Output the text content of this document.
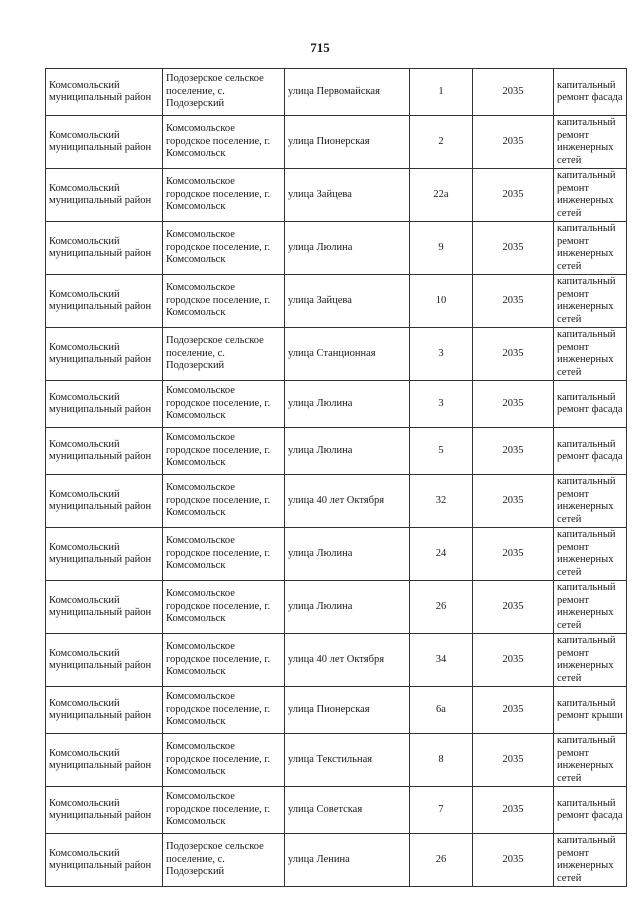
715
Комсомольский муниципальный район	Подозерское сельское поселение, с. Подозерский	улица Первомайская	1	2035	капитальный ремонт фасада
Комсомольский муниципальный район	Комсомольское городское поселение, г. Комсомольск	улица Пионерская	2	2035	капитальный ремонт инженерных сетей
Комсомольский муниципальный район	Комсомольское городское поселение, г. Комсомольск	улица Зайцева	22а	2035	капитальный ремонт инженерных сетей
Комсомольский муниципальный район	Комсомольское городское поселение, г. Комсомольск	улица Люлина	9	2035	капитальный ремонт инженерных сетей
Комсомольский муниципальный район	Комсомольское городское поселение, г. Комсомольск	улица Зайцева	10	2035	капитальный ремонт инженерных сетей
Комсомольский муниципальный район	Подозерское сельское поселение, с. Подозерский	улица Станционная	3	2035	капитальный ремонт инженерных сетей
Комсомольский муниципальный район	Комсомольское городское поселение, г. Комсомольск	улица Люлина	3	2035	капитальный ремонт фасада
Комсомольский муниципальный район	Комсомольское городское поселение, г. Комсомольск	улица Люлина	5	2035	капитальный ремонт фасада
Комсомольский муниципальный район	Комсомольское городское поселение, г. Комсомольск	улица 40 лет Октября	32	2035	капитальный ремонт инженерных сетей
Комсомольский муниципальный район	Комсомольское городское поселение, г. Комсомольск	улица Люлина	24	2035	капитальный ремонт инженерных сетей
Комсомольский муниципальный район	Комсомольское городское поселение, г. Комсомольск	улица Люлина	26	2035	капитальный ремонт инженерных сетей
Комсомольский муниципальный район	Комсомольское городское поселение, г. Комсомольск	улица 40 лет Октября	34	2035	капитальный ремонт инженерных сетей
Комсомольский муниципальный район	Комсомольское городское поселение, г. Комсомольск	улица Пионерская	6а	2035	капитальный ремонт крыши
Комсомольский муниципальный район	Комсомольское городское поселение, г. Комсомольск	улица Текстильная	8	2035	капитальный ремонт инженерных сетей
Комсомольский муниципальный район	Комсомольское городское поселение, г. Комсомольск	улица Советская	7	2035	капитальный ремонт фасада
Комсомольский муниципальный район	Подозерское сельское поселение, с. Подозерский	улица Ленина	26	2035	капитальный ремонт инженерных сетей
